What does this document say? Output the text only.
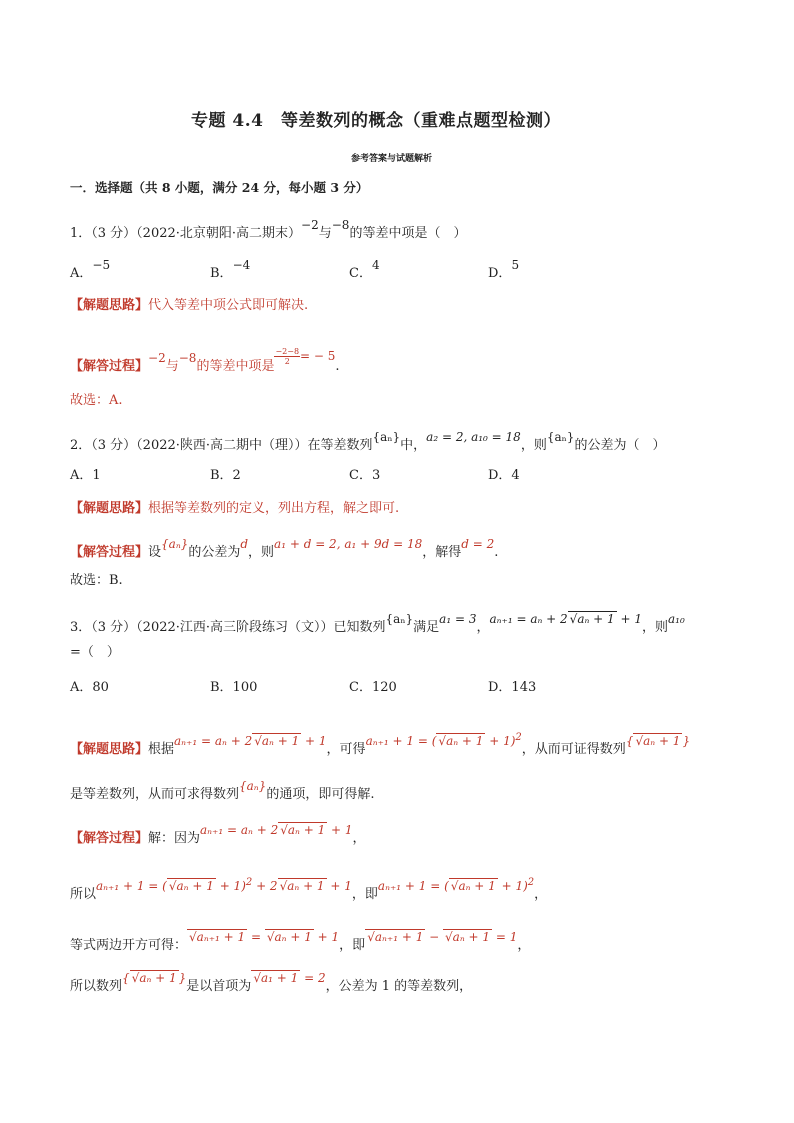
专题 4.4　等差数列的概念（重难点题型检测）
参考答案与试题解析
一．选择题（共 8 小题，满分 24 分，每小题 3 分）
1．（3 分）（2022·北京朝阳·高二期末）−2与−8的等差中项是（　）
A．−5
B．−4
C．4
D．5
【解题思路】代入等差中项公式即可解决.
【解答过程】−2与−8的等差中项是
$\frac{-2-8}{2}$ = − 5.
故选：A.
2．（3 分）（2022·陕西·高二期中（理））在等差数列{aₙ}中，a₂ = 2, a₁₀ = 18，则{aₙ}的公差为（　）
A．1	B．2	C．3	D．4
【解题思路】根据等差数列的定义，列出方程，解之即可.
【解答过程】设{aₙ}的公差为d，则a₁ + d = 2, a₁ + 9d = 18，解得d = 2.
故选：B.
3．（3 分）（2022·江西·高三阶段练习（文））已知数列{aₙ}满足a₁ = 3，aₙ₊₁ = aₙ + 2 √aₙ + 1 + 1，则a₁₀
=（　）
A．80	B．100	C．120	D．143
【解题思路】根据aₙ₊₁ = aₙ + 2 √aₙ + 1 + 1，可得aₙ₊₁ + 1 = ( √aₙ + 1 + 1)$^2$，从而可证得数列{ √aₙ + 1 }
是等差数列，从而可求得数列{aₙ}的通项，即可得解.
【解答过程】解：因为aₙ₊₁ = aₙ + 2 √aₙ + 1 + 1，
所以aₙ₊₁ + 1 = ( √aₙ + 1 + 1)$^2$ + 2 √aₙ + 1 + 1，即aₙ₊₁ + 1 = ( √aₙ + 1 + 1)$^2$，
等式两边开方可得：√aₙ₊₁ + 1 = √aₙ + 1 + 1，即√aₙ₊₁ + 1 − √aₙ + 1 = 1，
所以数列{ √aₙ + 1 }是以首项为√a₁ + 1 = 2，公差为 1 的等差数列，
